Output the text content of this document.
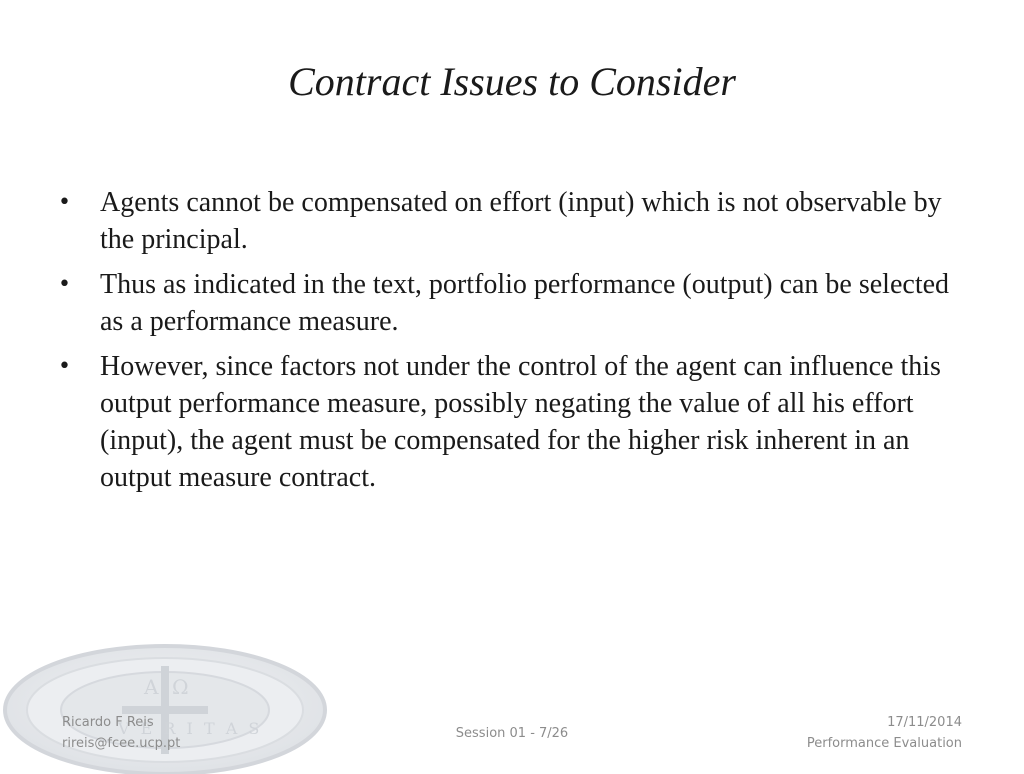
Contract Issues to Consider
• Agents cannot be compensated on effort (input) which is not observable by the principal.
• Thus as indicated in the text, portfolio performance (output) can be selected as a performance measure.
• However, since factors not under the control of the agent can influence this output performance measure, possibly negating the value of all his effort (input), the agent must be compensated for the higher risk inherent in an output measure contract.
A Ω
V E R I T A S
Ricardo F Reis
rireis@fcee.ucp.pt
Session 01 - 7/26
17/11/2014
Performance Evaluation
